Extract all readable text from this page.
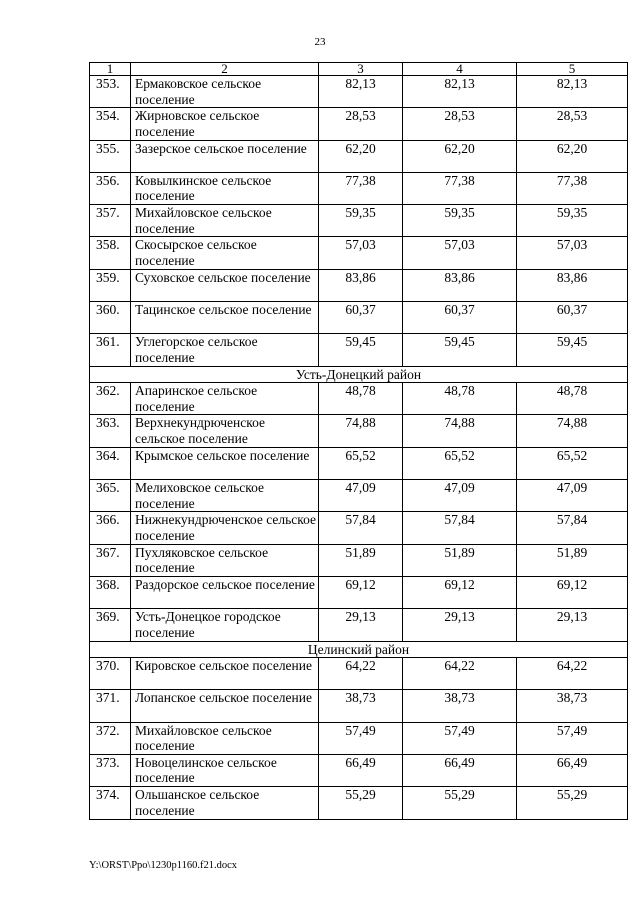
23
1	2	3	4	5
353.	Ермаковское сельское поселение	82,13	82,13	82,13
354.	Жирновское сельское поселение	28,53	28,53	28,53
355.	Зазерское сельское поселение	62,20	62,20	62,20
356.	Ковылкинское сельское поселение	77,38	77,38	77,38
357.	Михайловское сельское поселение	59,35	59,35	59,35
358.	Скосырское сельское поселение	57,03	57,03	57,03
359.	Суховское сельское поселение	83,86	83,86	83,86
360.	Тацинское сельское поселение	60,37	60,37	60,37
361.	Углегорское сельское поселение	59,45	59,45	59,45
Усть-Донецкий район				
362.	Апаринское сельское поселение	48,78	48,78	48,78
363.	Верхнекундрюченское сельское поселение	74,88	74,88	74,88
364.	Крымское сельское поселение	65,52	65,52	65,52
365.	Мелиховское сельское поселение	47,09	47,09	47,09
366.	Нижнекундрюченское сельское поселение	57,84	57,84	57,84
367.	Пухляковское сельское поселение	51,89	51,89	51,89
368.	Раздорское сельское поселение	69,12	69,12	69,12
369.	Усть-Донецкое городское поселение	29,13	29,13	29,13
Целинский район				
370.	Кировское сельское поселение	64,22	64,22	64,22
371.	Лопанское сельское поселение	38,73	38,73	38,73
372.	Михайловское сельское поселение	57,49	57,49	57,49
373.	Новоцелинское сельское поселение	66,49	66,49	66,49
374.	Ольшанское сельское поселение	55,29	55,29	55,29
Y:\ORST\Ppo\1230p1160.f21.docx
